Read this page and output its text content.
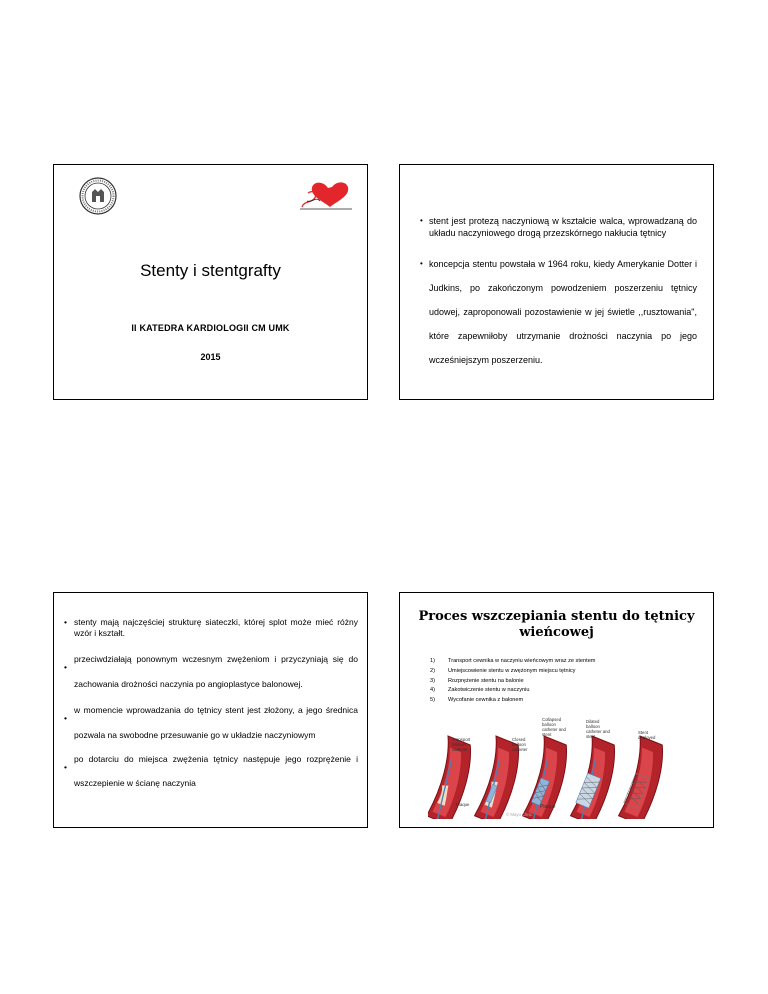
Stenty i stentgrafty
II KATEDRA KARDIOLOGII CM UMK
2015
• stent jest protezą naczyniową w kształcie walca, wprowadzaną do układu naczyniowego drogą przezskórnego nakłucia tętnicy

• koncepcja stentu powstała w 1964 roku, kiedy Amerykanie Dotter i Judkins, po zakończonym powodzeniem poszerzeniu tętnicy udowej, zaproponowali pozostawienie w jej świetle ,,rusztowania", które zapewniłoby utrzymanie drożności naczynia po jego wcześniejszym poszerzeniu.

• stenty mają najczęściej strukturę siateczki, której splot może mieć różny wzór i kształt.

•

przeciwdziałają ponownym wczesnym zwężeniom i przyczyniają się do zachowania drożności naczynia po angioplastyce balonowej.

•

w momencie wprowadzania do tętnicy stent jest złożony, a jego średnica pozwala na swobodne przesuwanie go w układzie naczyniowym

•

po dotarciu do miejsca zwężenia tętnicy następuje jego rozprężenie i wszczepienie w ścianę naczynia

Proces wszczepiania stentu do tętnicy wieńcowej
1)	Transport cewnika w naczyniu wieńcowym wraz ze stentem
2)	Umiejscowienie stentu w zwężonym miejscu tętnicy
3)	Rozprężenie stentu na balonie
4)	Zakotwiczenie stentu w naczyniu
5)	Wycofanie cewnika z balonem
Transport balloon catheter
Closed balloon catheter
Collapsed balloon catheter and stent
Dilated balloon catheter and stent
Stent deployed
Plaque	Plaque
© Mayo Clinic
